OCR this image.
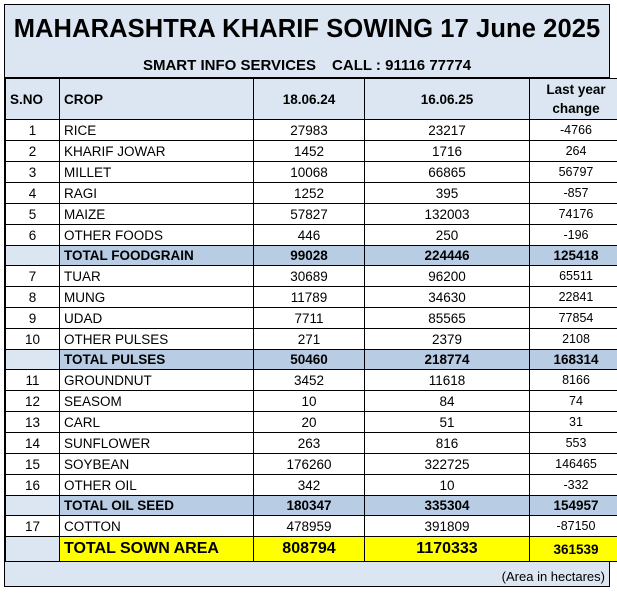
MAHARASHTRA KHARIF SOWING 17 June 2025
SMART INFO SERVICES CALL : 91116 77774
S.NO	CROP	18.06.24	16.06.25	Last year
change
1	RICE	27983	23217	-4766
2	KHARIF JOWAR	1452	1716	264
3	MILLET	10068	66865	56797
4	RAGI	1252	395	-857
5	MAIZE	57827	132003	74176
6	OTHER FOODS	446	250	-196
	TOTAL FOODGRAIN	99028	224446	125418
7	TUAR	30689	96200	65511
8	MUNG	11789	34630	22841
9	UDAD	7711	85565	77854
10	OTHER PULSES	271	2379	2108
	TOTAL PULSES	50460	218774	168314
11	GROUNDNUT	3452	11618	8166
12	SEASOM	10	84	74
13	CARL	20	51	31
14	SUNFLOWER	263	816	553
15	SOYBEAN	176260	322725	146465
16	OTHER OIL	342	10	-332
	TOTAL OIL SEED	180347	335304	154957
17	COTTON	478959	391809	-87150
	TOTAL SOWN AREA	808794	1170333	361539
(Area in hectares)
